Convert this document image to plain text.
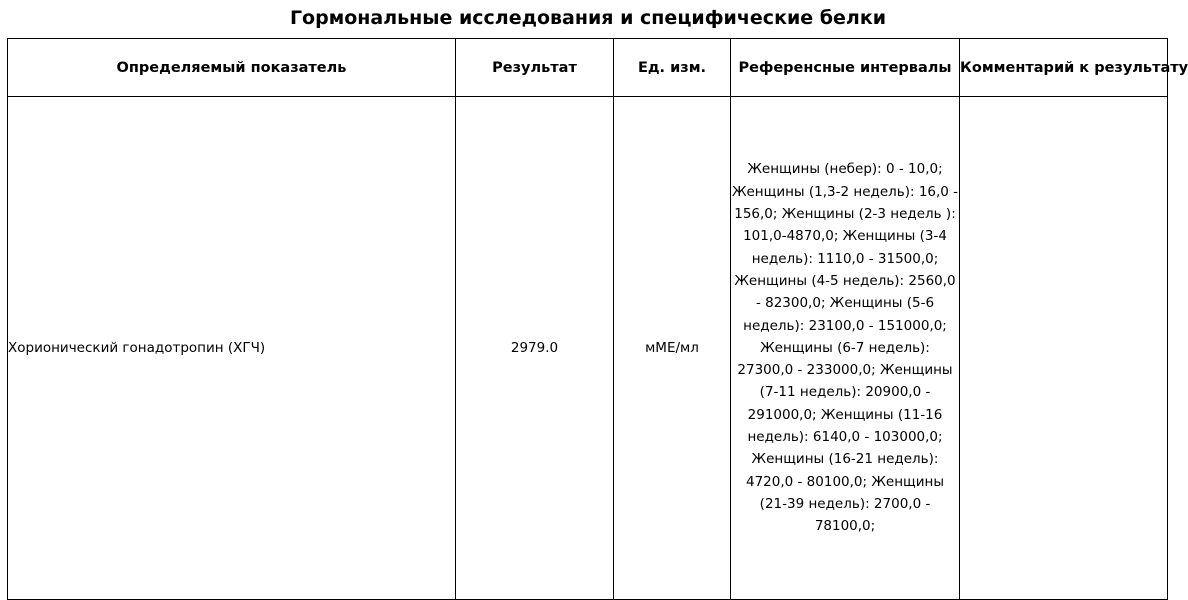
Гормональные исследования и специфические белки
Определяемый показатель	Результат	Ед. изм.	Референсные интервалы	Комментарий к результату
Хорионический гонадотропин (ХГЧ)	2979.0	мМЕ/мл	Женщины (небер): 0 - 10,0; Женщины (1,3-2 недель): 16,0 - 156,0; Женщины (2-3 недель ): 101,0-4870,0; Женщины (3-4 недель): 1110,0 - 31500,0; Женщины (4-5 недель): 2560,0 - 82300,0; Женщины (5-6 недель): 23100,0 - 151000,0; Женщины (6-7 недель): 27300,0 - 233000,0; Женщины (7-11 недель): 20900,0 - 291000,0; Женщины (11-16 недель): 6140,0 - 103000,0; Женщины (16-21 недель): 4720,0 - 80100,0; Женщины (21-39 недель): 2700,0 - 78100,0;	
